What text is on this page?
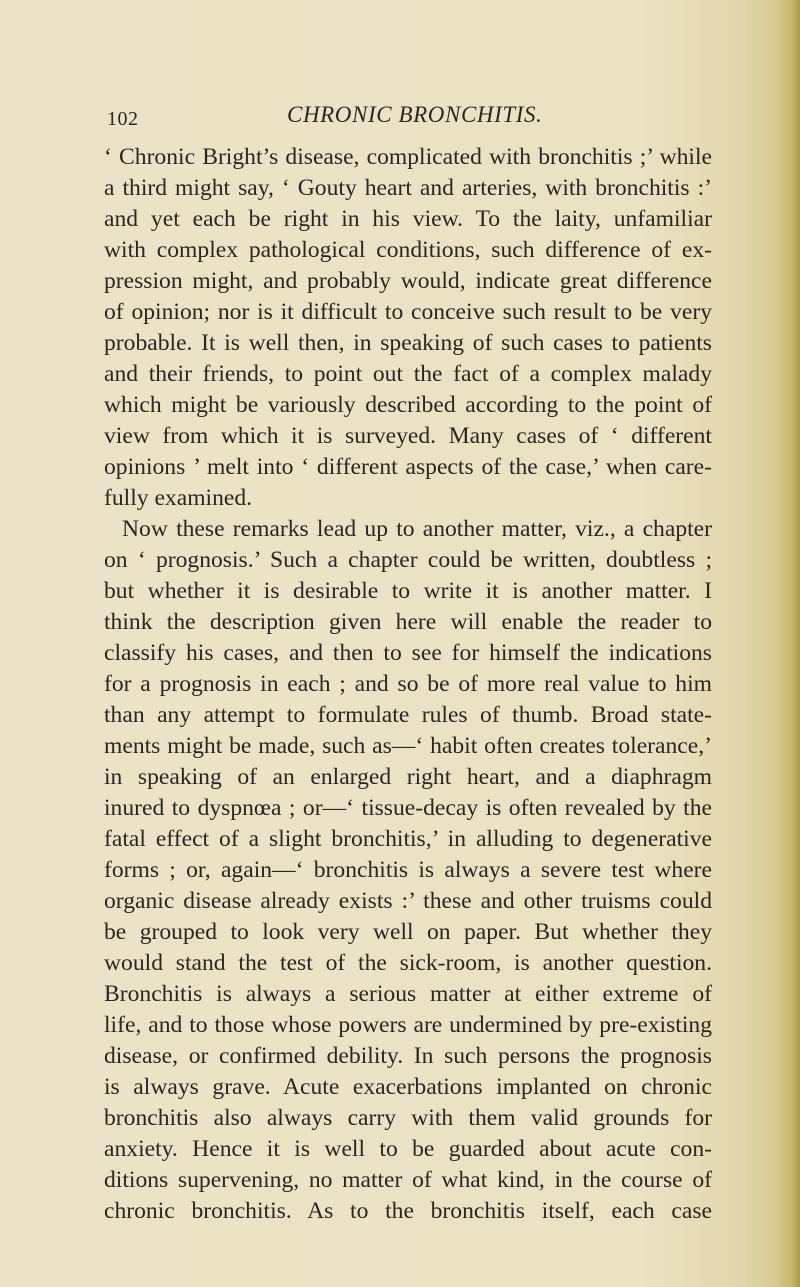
102	CHRONIC BRONCHITIS.
‘ Chronic Bright’s disease, complicated with bronchitis ;’ while
a third might say, ‘ Gouty heart and arteries, with bronchitis :’
and yet each be right in his view. To the laity, unfamiliar
with complex pathological conditions, such difference of ex-
pression might, and probably would, indicate great difference
of opinion; nor is it difficult to conceive such result to be very
probable. It is well then, in speaking of such cases to patients
and their friends, to point out the fact of a complex malady
which might be variously described according to the point of
view from which it is surveyed. Many cases of ‘ different
opinions ’ melt into ‘ different aspects of the case,’ when care-
fully examined.
Now these remarks lead up to another matter, viz., a chapter
on ‘ prognosis.’ Such a chapter could be written, doubtless ;
but whether it is desirable to write it is another matter. I
think the description given here will enable the reader to
classify his cases, and then to see for himself the indications
for a prognosis in each ; and so be of more real value to him
than any attempt to formulate rules of thumb. Broad state-
ments might be made, such as—‘ habit often creates tolerance,’
in speaking of an enlarged right heart, and a diaphragm
inured to dyspnœa ; or—‘ tissue-decay is often revealed by the
fatal effect of a slight bronchitis,’ in alluding to degenerative
forms ; or, again—‘ bronchitis is always a severe test where
organic disease already exists :’ these and other truisms could
be grouped to look very well on paper. But whether they
would stand the test of the sick-room, is another question.
Bronchitis is always a serious matter at either extreme of
life, and to those whose powers are undermined by pre-existing
disease, or confirmed debility. In such persons the prognosis
is always grave. Acute exacerbations implanted on chronic
bronchitis also always carry with them valid grounds for
anxiety. Hence it is well to be guarded about acute con-
ditions supervening, no matter of what kind, in the course of
chronic bronchitis. As to the bronchitis itself, each case
